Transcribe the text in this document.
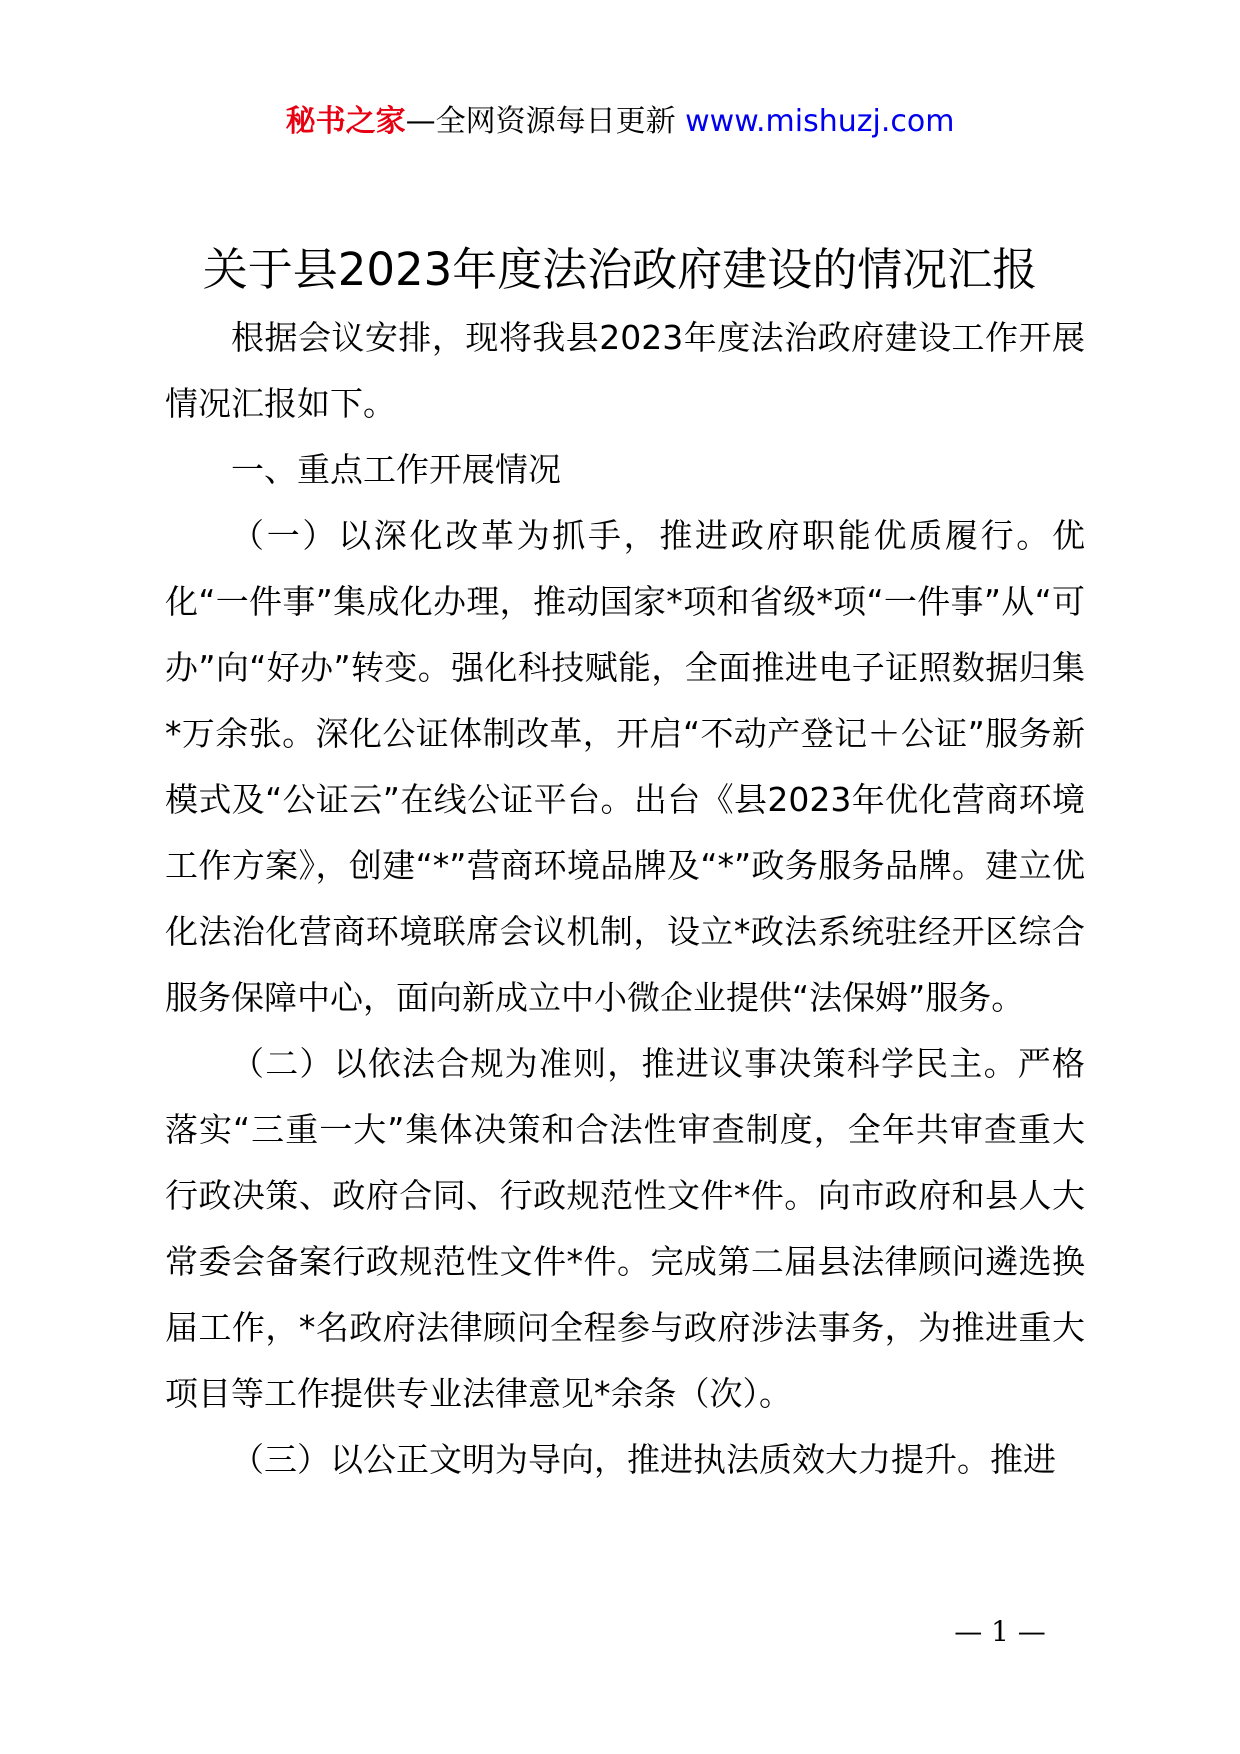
秘书之家—全网资源每日更新 www.mishuzj.com
关于县2023年度法治政府建设的情况汇报

根据会议安排，现将我县2023年度法治政府建设工作开展情况汇报如下。

一、重点工作开展情况

（一）以深化改革为抓手，推进政府职能优质履行。优化“一件事”集成化办理，推动国家*项和省级*项“一件事”从“可办”向“好办”转变。强化科技赋能，全面推进电子证照数据归集*万余张。深化公证体制改革，开启“不动产登记＋公证”服务新模式及“公证云”在线公证平台。出台《县2023年优化营商环境工作方案》，创建“*”营商环境品牌及“*”政务服务品牌。建立优化法治化营商环境联席会议机制，设立*政法系统驻经开区综合服务保障中心，面向新成立中小微企业提供“法保姆”服务。

（二）以依法合规为准则，推进议事决策科学民主。严格落实“三重一大”集体决策和合法性审查制度，全年共审查重大行政决策、政府合同、行政规范性文件*件。向市政府和县人大常委会备案行政规范性文件*件。完成第二届县法律顾问遴选换届工作，*名政府法律顾问全程参与政府涉法事务，为推进重大项目等工作提供专业法律意见*余条（次）。

（三）以公正文明为导向，推进执法质效大力提升。推进

— 1 —
